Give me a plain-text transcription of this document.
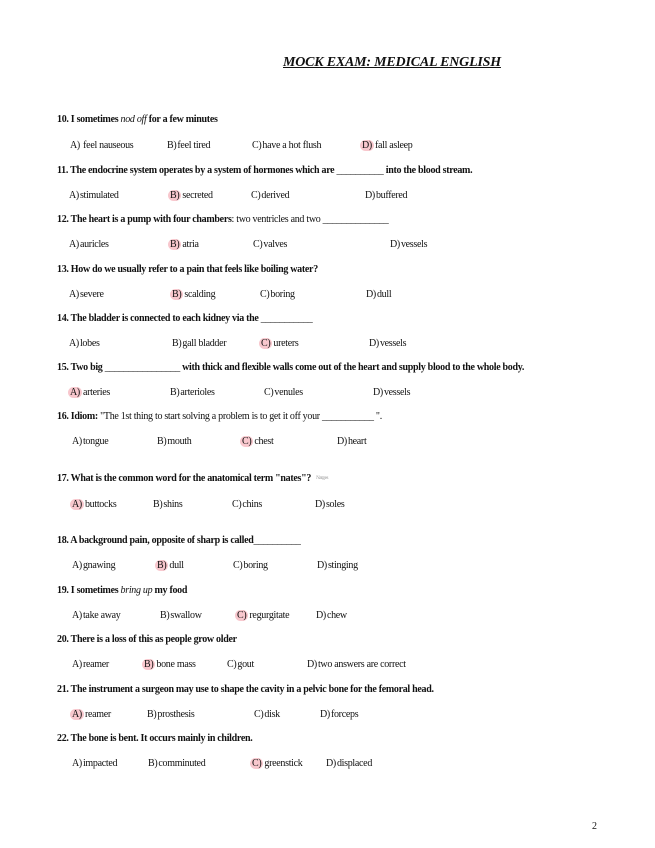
MOCK EXAM: MEDICAL ENGLISH
10. I sometimes nod off for a few minutes
A) feel nauseous	B)feel tired	C)have a hot flush	D) fall asleep
11. The endocrine system operates by a system of hormones which are __________ into the blood stream.
A)stimulated	B) secreted	C)derived	D)buffered
12. The heart is a pump with four chambers: two ventricles and two ______________
A)auricles	B) atria	C)valves	D)vessels
13. How do we usually refer to a pain that feels like boiling water?
A)severe	B) scalding	C)boring	D)dull
14. The bladder is connected to each kidney via the ___________
A)lobes	B)gall bladder	C) ureters	D)vessels
15. Two big ________________ with thick and flexible walls come out of the heart and supply blood to the whole body.
A) arteries	B)arterioles	C)venules	D)vessels
16. Idiom: "The 1st thing to start solving a problem is to get it off your ___________ ".
A)tongue	B)mouth	C) chest	D)heart
17. What is the common word for the anatomical term "nates"? $^{Natges}$
A) buttocks	B)shins	C)chins	D)soles
18. A background pain, opposite of sharp is called__________
A)gnawing	B) dull	C)boring	D)stinging
19. I sometimes bring up my food
A)take away	B)swallow	C) regurgitate	D)chew
20. There is a loss of this as people grow older
A)reamer	B) bone mass	C)gout	D)two answers are correct
21. The instrument a surgeon may use to shape the cavity in a pelvic bone for the femoral head.
A) reamer	B)prosthesis	C)disk	D)forceps
22. The bone is bent. It occurs mainly in children.
A)impacted	B)comminuted	C) greenstick D)displaced
2
